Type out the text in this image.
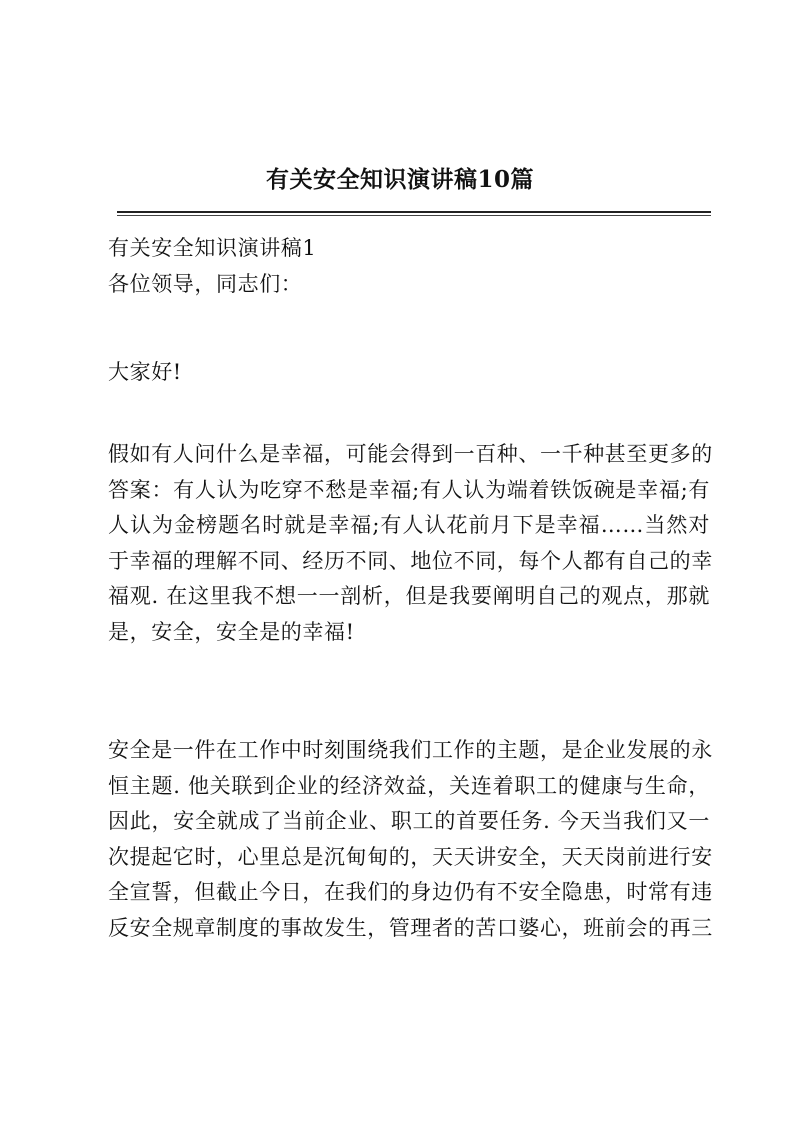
有关安全知识演讲稿10篇
有关安全知识演讲稿1
各位领导，同志们：
大家好!
假如有人问什么是幸福，可能会得到一百种、一千种甚至更多的
答案：有人认为吃穿不愁是幸福;有人认为端着铁饭碗是幸福;有
人认为金榜题名时就是幸福;有人认花前月下是幸福……当然对
于幸福的理解不同、经历不同、地位不同，每个人都有自己的幸
福观. 在这里我不想一一剖析，但是我要阐明自己的观点，那就
是，安全，安全是的幸福!
安全是一件在工作中时刻围绕我们工作的主题，是企业发展的永
恒主题. 他关联到企业的经济效益，关连着职工的健康与生命，
因此，安全就成了当前企业、职工的首要任务. 今天当我们又一
次提起它时，心里总是沉甸甸的，天天讲安全，天天岗前进行安
全宣誓，但截止今日，在我们的身边仍有不安全隐患，时常有违
反安全规章制度的事故发生，管理者的苦口婆心，班前会的再三
